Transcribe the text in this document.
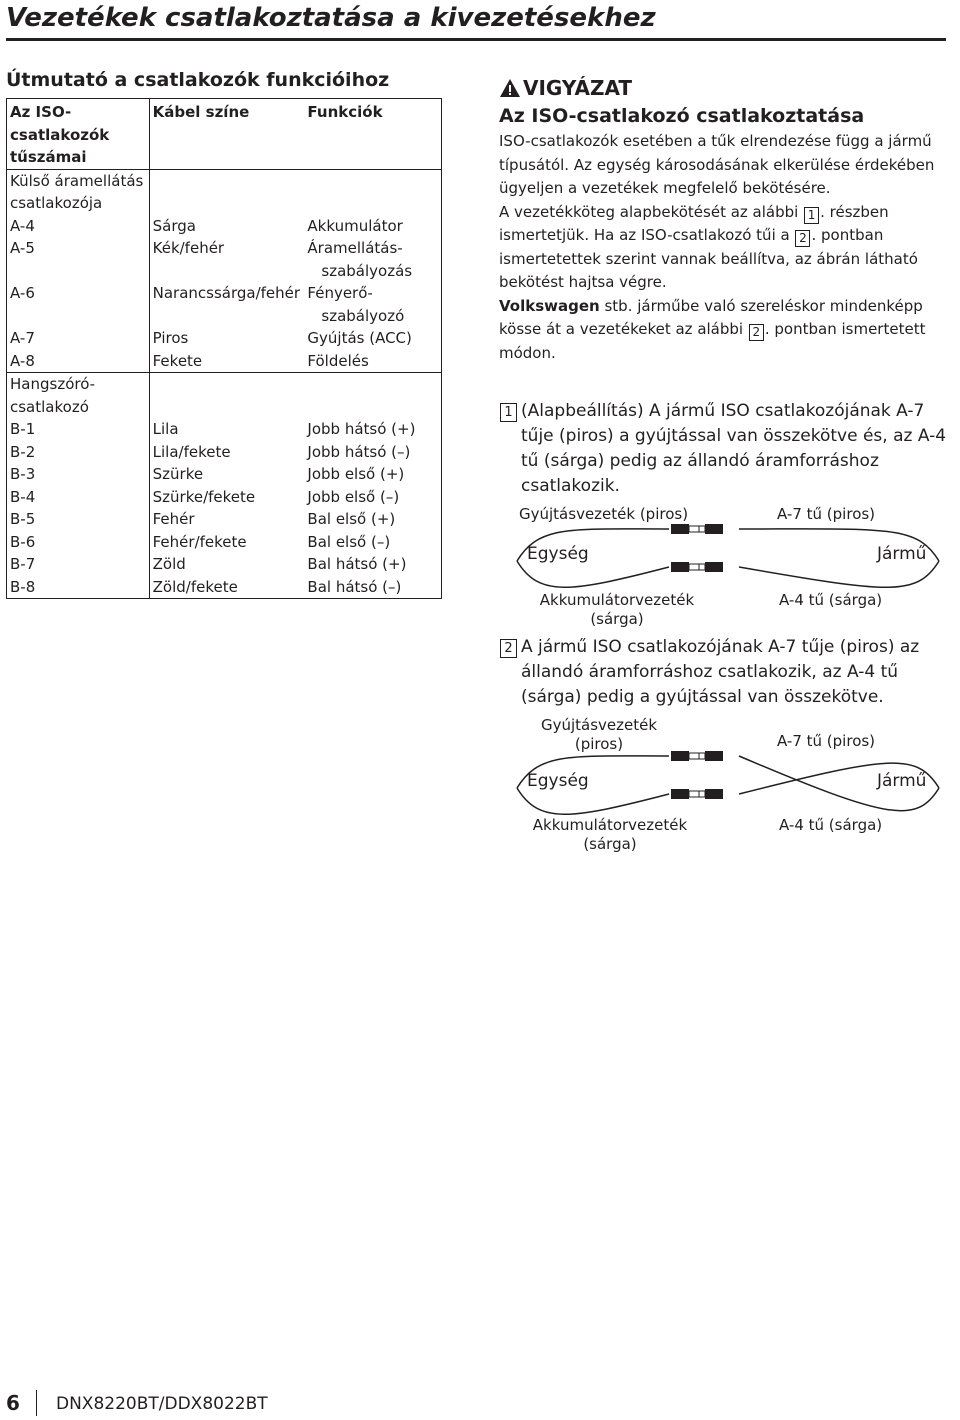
Vezetékek csatlakoztatása a kivezetésekhez
Útmutató a csatlakozók funkcióihoz
Az ISO-
csatlakozók
tűszámai	Kábel színe	Funkciók

Külső áramellátás
csatlakozója		

A-4	Sárga	Akkumulátor
A-5	Kék/fehér	Áramellátás-
szabályozás

A-6	Narancssárga/fehér	Fényerő-
szabályozó

A-7	Piros	Gyújtás (ACC)
A-8	Fekete	Földelés

Hangszóró-
csatlakozó		

B-1	Lila	Jobb hátsó (+)
B-2	Lila/fekete	Jobb hátsó (–)
B-3	Szürke	Jobb első (+)
B-4	Szürke/fekete	Jobb első (–)
B-5	Fehér	Bal első (+)
B-6	Fehér/fekete	Bal első (–)
B-7	Zöld	Bal hátsó (+)
B-8	Zöld/fekete	Bal hátsó (–)
VIGYÁZAT
Az ISO-csatlakozó csatlakoztatása
ISO-csatlakozók esetében a tűk elrendezése függ a jármű típusától. Az egység károsodásának elkerülése érdekében ügyeljen a vezetékek megfelelő bekötésére.
A vezetékköteg alapbekötését az alábbi 1 . részben ismertetjük. Ha az ISO-csatlakozó tűi a 2 . pontban ismertetettek szerint vannak beállítva, az ábrán látható bekötést hajtsa végre.
Volkswagen stb. járműbe való szereléskor mindenképp kösse át a vezetékeket az alábbi 2 . pontban ismertetett módon.
1 (Alapbeállítás) A jármű ISO csatlakozójának A-7 tűje (piros) a gyújtással van összekötve és, az A-4 tű (sárga) pedig az állandó áramforráshoz csatlakozik.
Gyújtásvezeték (piros)	A-7 tű (piros)
Egység	Jármű
Akkumulátorvezeték
(sárga)
A-4 tű (sárga)
2 A jármű ISO csatlakozójának A-7 tűje (piros) az állandó áramforráshoz csatlakozik, az A-4 tű (sárga) pedig a gyújtással van összekötve.
Gyújtásvezeték
(piros)	A-7 tű (piros)
Egység	Jármű
Akkumulátorvezeték
(sárga)
A-4 tű (sárga)
6 DNX8220BT/DDX8022BT
